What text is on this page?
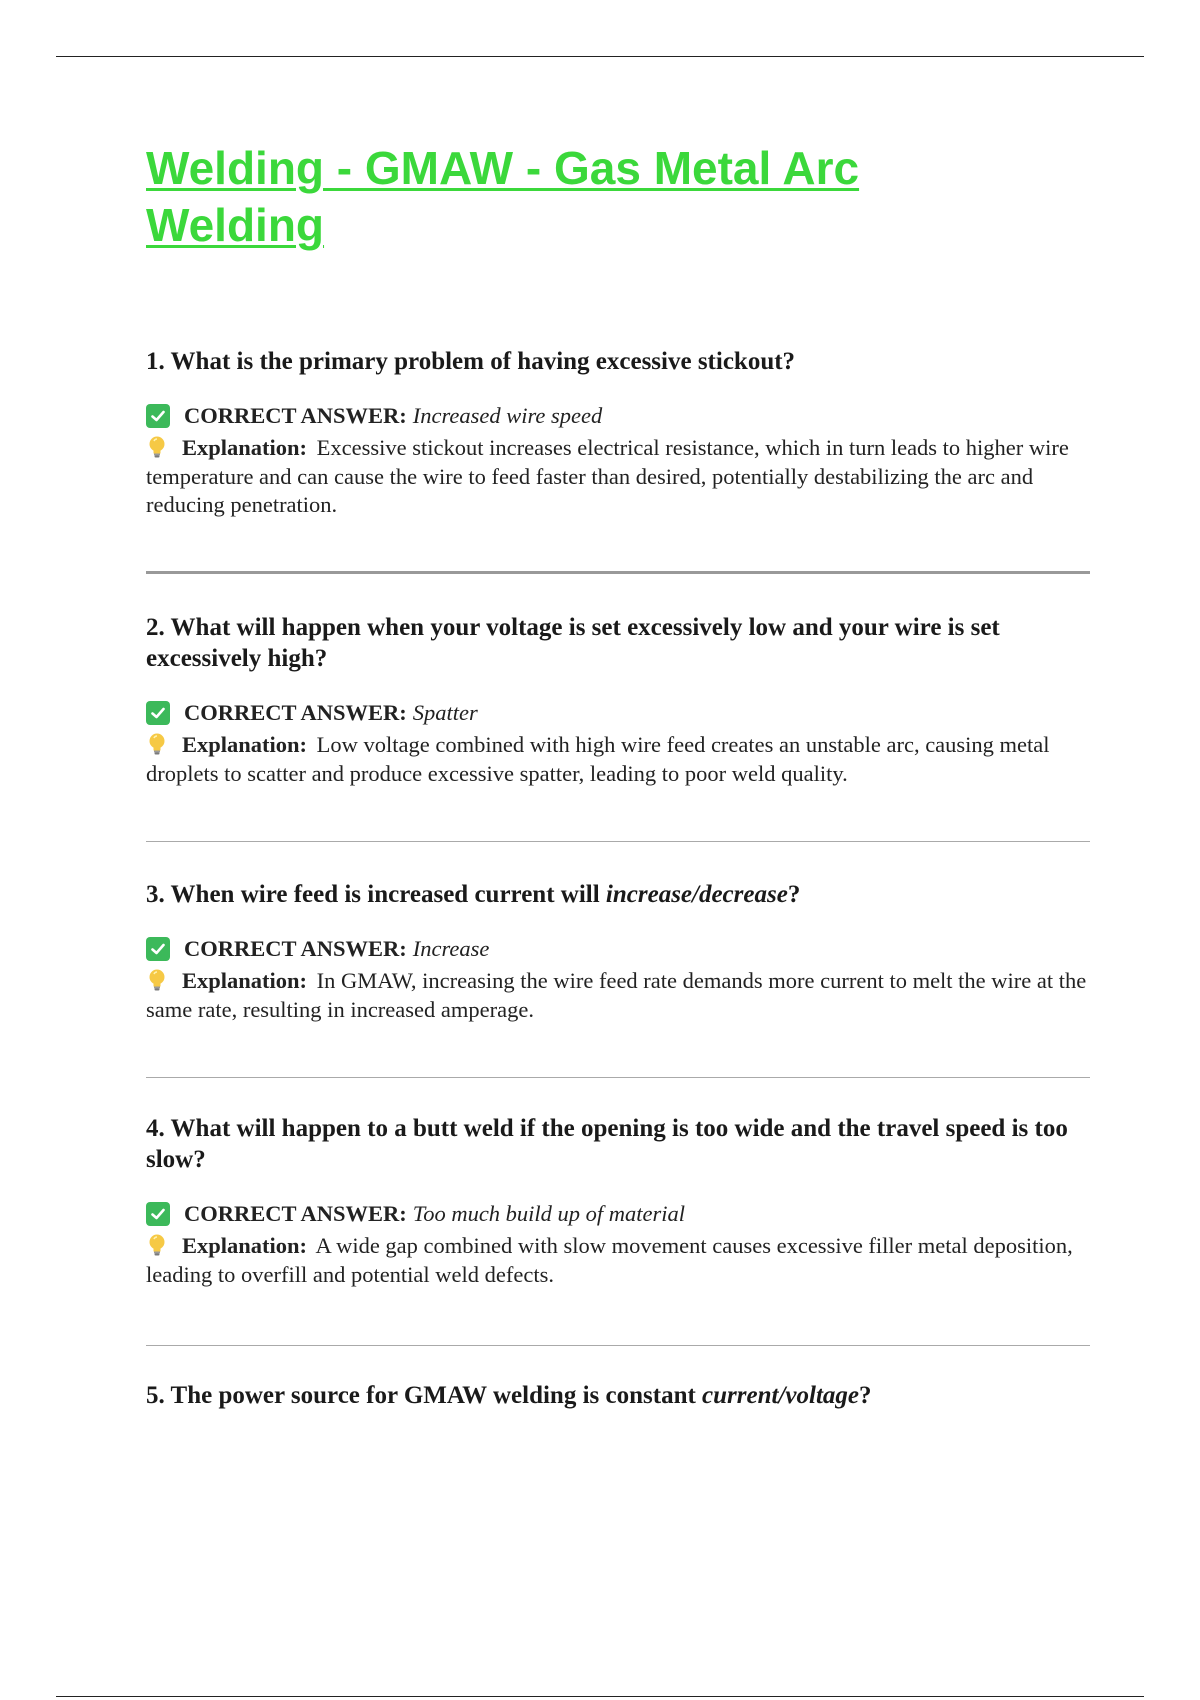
Welding - GMAW - Gas Metal Arc Welding

1. What is the primary problem of having excessive stickout?

CORRECT ANSWER: Increased wire speed

Explanation: Excessive stickout increases electrical resistance, which in turn leads to higher wire temperature and can cause the wire to feed faster than desired, potentially destabilizing the arc and reducing penetration.

2. What will happen when your voltage is set excessively low and your wire is set excessively high?

CORRECT ANSWER: Spatter

Explanation: Low voltage combined with high wire feed creates an unstable arc, causing metal droplets to scatter and produce excessive spatter, leading to poor weld quality.

3. When wire feed is increased current will increase/decrease?

CORRECT ANSWER: Increase

Explanation: In GMAW, increasing the wire feed rate demands more current to melt the wire at the same rate, resulting in increased amperage.

4. What will happen to a butt weld if the opening is too wide and the travel speed is too slow?

CORRECT ANSWER: Too much build up of material

Explanation: A wide gap combined with slow movement causes excessive filler metal deposition, leading to overfill and potential weld defects.

5. The power source for GMAW welding is constant current/voltage?
